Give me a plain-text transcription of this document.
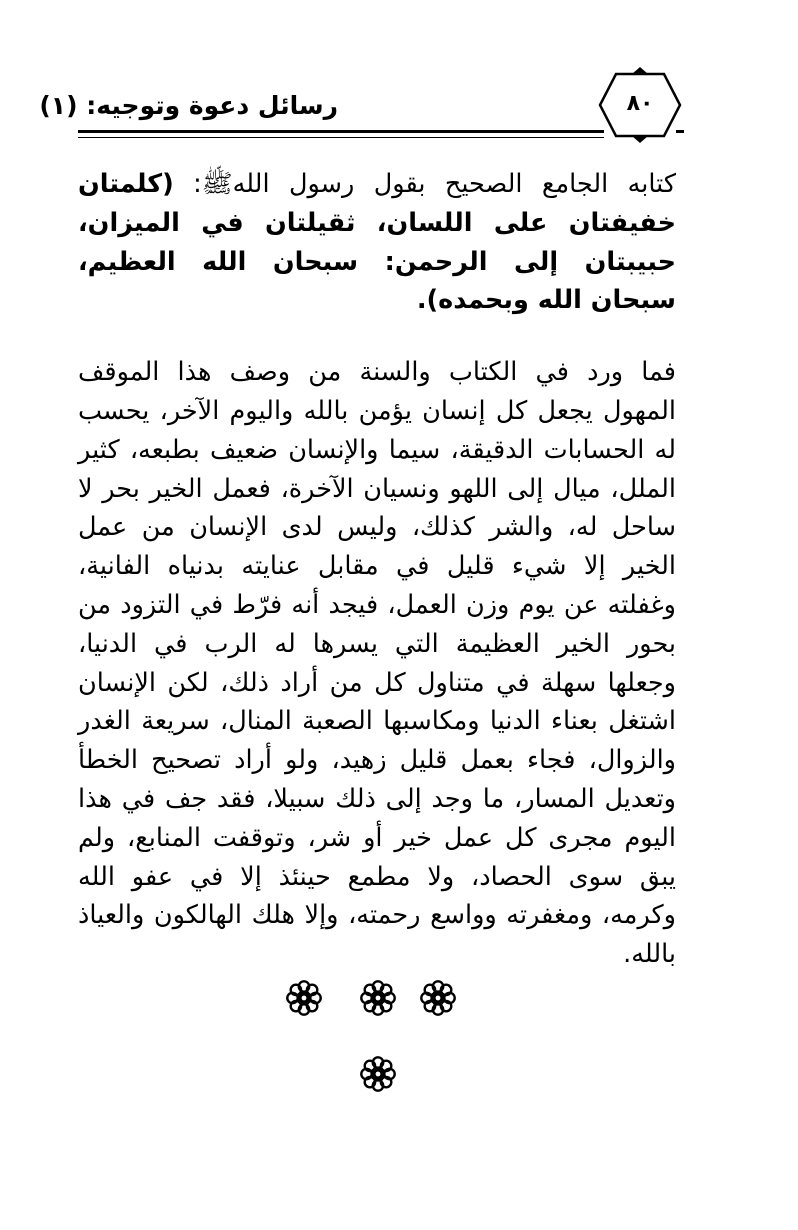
رسائل دعوة وتوجيه: (١)	٨٠

كتابه الجامع الصحيح بقول رسول اللهﷺ: (كلمتان خفيفتان على اللسان، ثقيلتان في الميزان، حبيبتان إلى الرحمن: سبحان الله العظيم، سبحان الله وبحمده).

فما ورد في الكتاب والسنة من وصف هذا الموقف المهول يجعل كل إنسان يؤمن بالله واليوم الآخر، يحسب له الحسابات الدقيقة، سيما والإنسان ضعيف بطبعه، كثير الملل، ميال إلى اللهو ونسيان الآخرة، فعمل الخير بحر لا ساحل له، والشر كذلك، وليس لدى الإنسان من عمل الخير إلا شيء قليل في مقابل عنايته بدنياه الفانية، وغفلته عن يوم وزن العمل، فيجد أنه فرّط في التزود من بحور الخير العظيمة التي يسرها له الرب في الدنيا، وجعلها سهلة في متناول كل من أراد ذلك، لكن الإنسان اشتغل بعناء الدنيا ومكاسبها الصعبة المنال، سريعة الغدر والزوال، فجاء بعمل قليل زهيد، ولو أراد تصحيح الخطأ وتعديل المسار، ما وجد إلى ذلك سبيلا، فقد جف في هذا اليوم مجرى كل عمل خير أو شر، وتوقفت المنابع، ولم يبق سوى الحصاد، ولا مطمع حينئذ إلا في عفو الله وكرمه، ومغفرته وواسع رحمته، وإلا هلك الهالكون والعياذ بالله.
